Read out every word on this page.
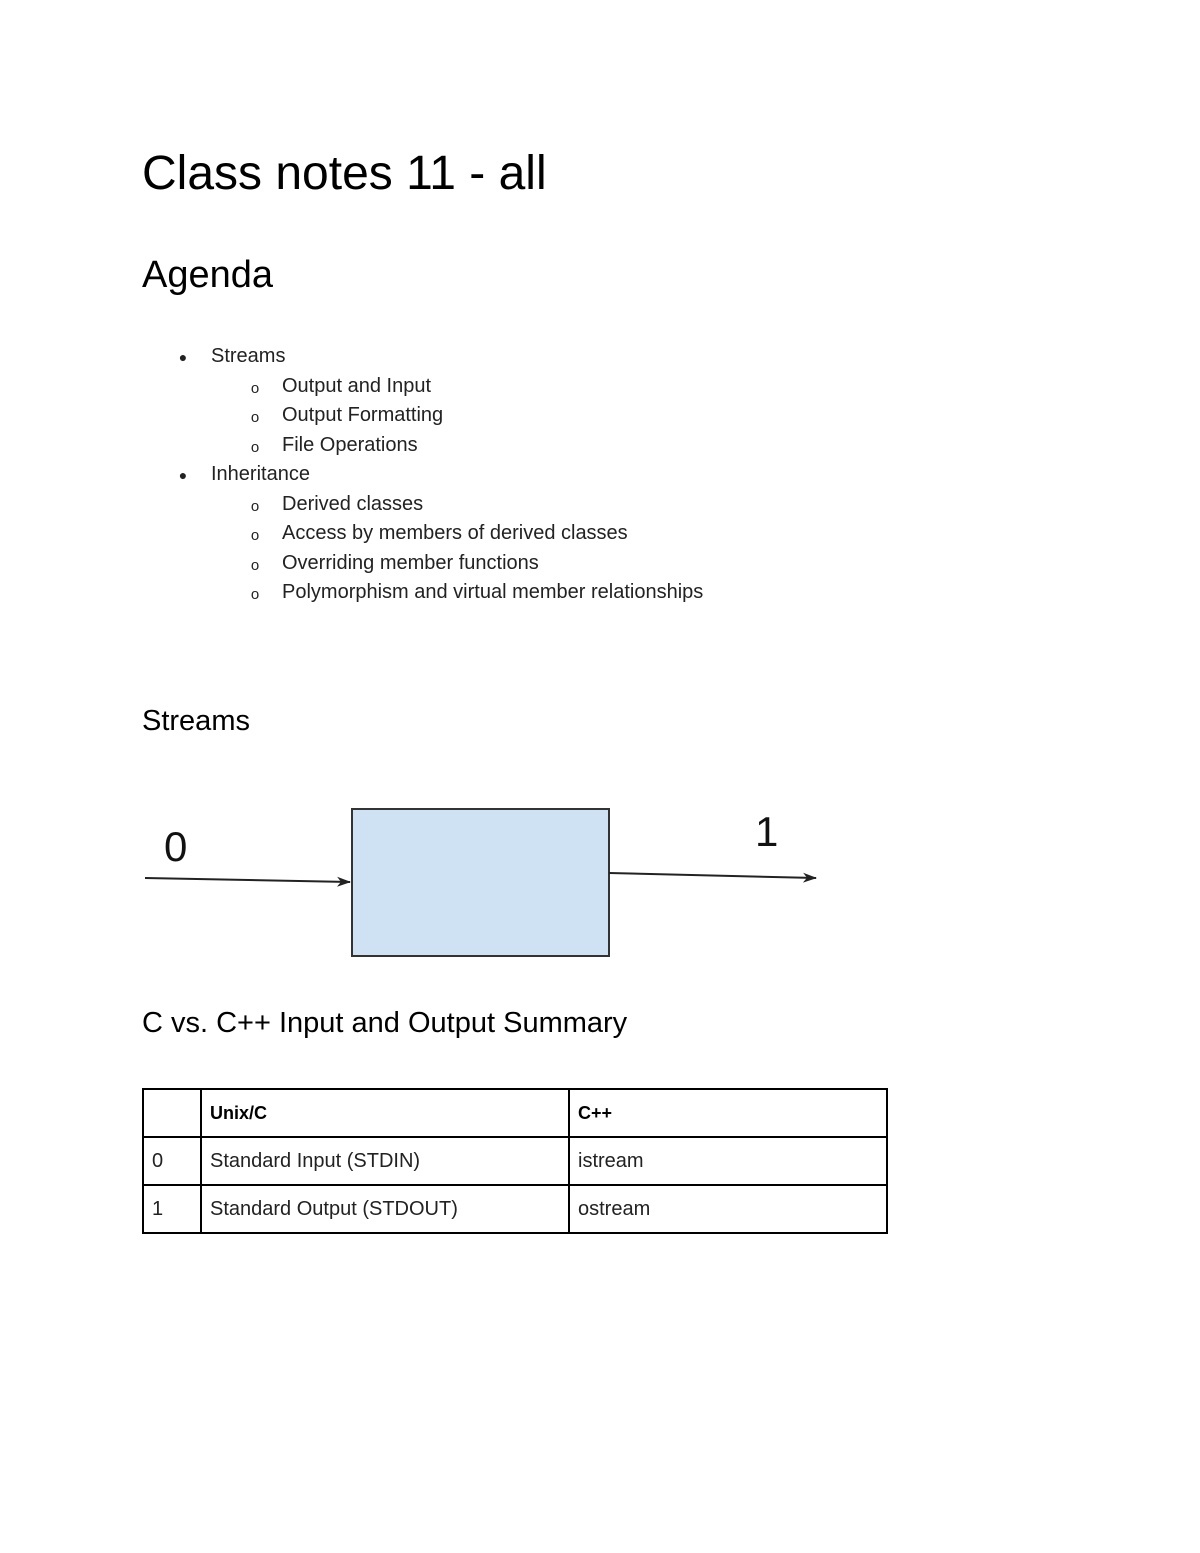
Class notes 11 - all
Agenda
● Streams
o Output and Input
o Output Formatting
o File Operations
● Inheritance
o Derived classes
o Access by members of derived classes
o Overriding member functions
o Polymorphism and virtual member relationships
Streams
0	1
C vs. C++ Input and Output Summary
	Unix/C	C++
0	Standard Input (STDIN)	istream
1	Standard Output (STDOUT)	ostream
